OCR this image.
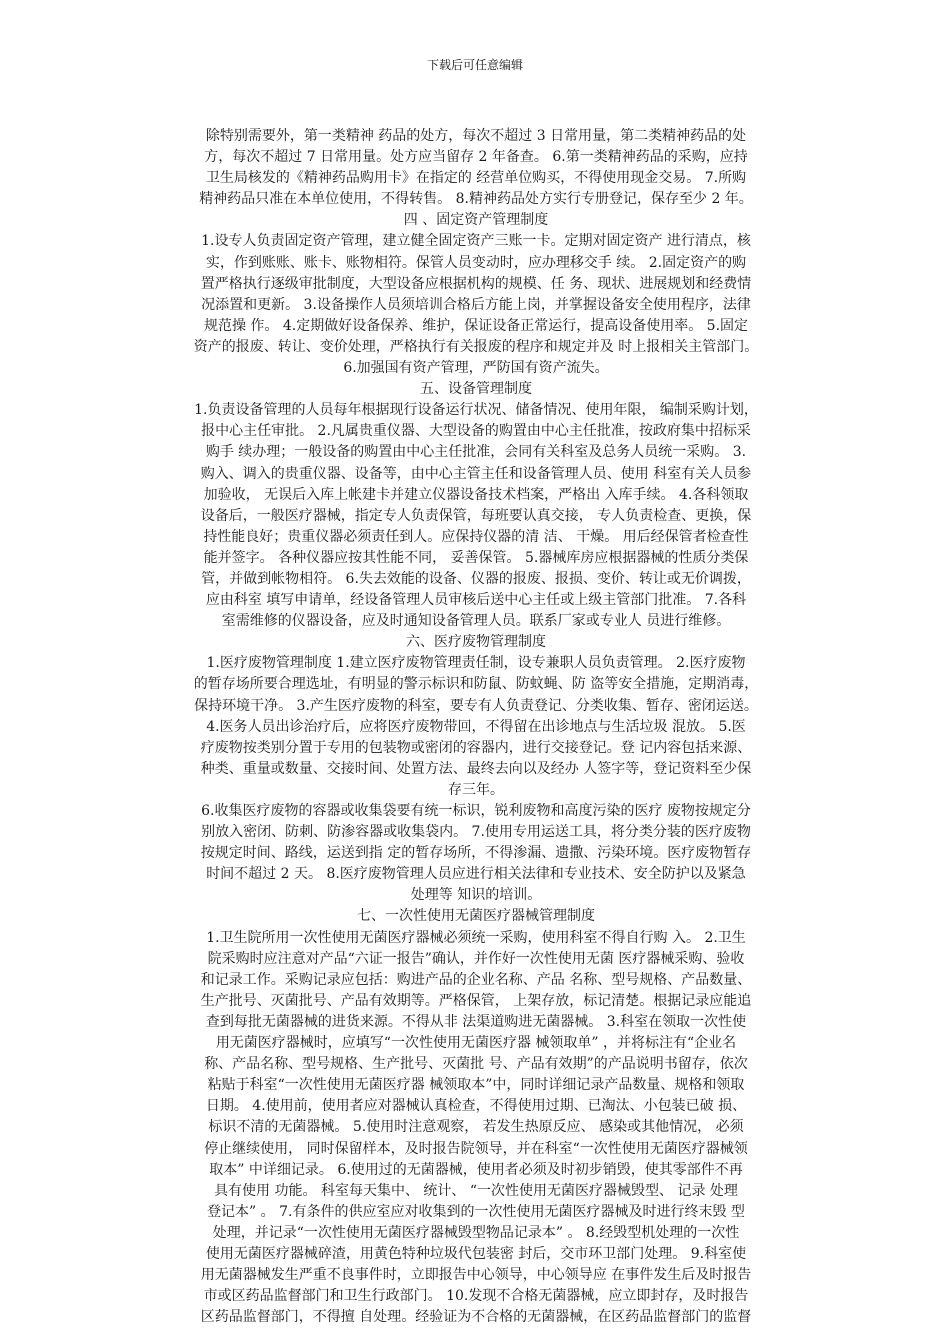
下载后可任意编辑
除特别需要外，第一类精神 药品的处方，每次不超过 3 日常用量，第二类精神药品的处
方，每次不超过 7 日常用量。处方应当留存 2 年备查。 6.第一类精神药品的采购，应持
卫生局核发的《精神药品购用卡》在指定的 经营单位购买，不得使用现金交易。 7.所购
精神药品只准在本单位使用，不得转售。 8.精神药品处方实行专册登记，保存至少 2 年。
四 、固定资产管理制度
1.设专人负责固定资产管理，建立健全固定资产三账一卡。定期对固定资产 进行清点，核
实，作到账账、账卡、账物相符。保管人员变动时，应办理移交手 续。 2.固定资产的购
置严格执行逐级审批制度，大型设备应根据机构的规模、任 务、现状、进展规划和经费情
况添置和更新。 3.设备操作人员须培训合格后方能上岗，并掌握设备安全使用程序，法律
规范操 作。 4.定期做好设备保养、维护，保证设备正常运行，提高设备使用率。 5.固定
资产的报废、转让、变价处理，严格执行有关报废的程序和规定并及 时上报相关主管部门。
6.加强国有资产管理，严防国有资产流失。
五、设备管理制度
1.负责设备管理的人员每年根据现行设备运行状况、储备情况、使用年限， 编制采购计划，
报中心主任审批。 2.凡属贵重仪器、大型设备的购置由中心主任批准，按政府集中招标采
购手 续办理；一般设备的购置由中心主任批准，会同有关科室及总务人员统一采购。 3.
购入、调入的贵重仪器、设备等，由中心主管主任和设备管理人员、使用 科室有关人员参
加验收， 无误后入库上帐建卡并建立仪器设备技术档案，严格出 入库手续。 4.各科领取
设备后，一般医疗器械，指定专人负责保管，每班要认真交接， 专人负责检查、更换，保
持性能良好；贵重仪器必须责任到人。应保持仪器的清 洁、 干燥。 用后经保管者检查性
能并签字。 各种仪器应按其性能不同， 妥善保管。 5.器械库房应根据器械的性质分类保
管，并做到帐物相符。 6.失去效能的设备、仪器的报废、报损、变价、转让或无价调拨，
应由科室 填写申请单，经设备管理人员审核后送中心主任或上级主管部门批准。 7.各科
室需维修的仪器设备，应及时通知设备管理人员。联系厂家或专业人 员进行维修。
六、医疗废物管理制度
1.医疗废物管理制度 1.建立医疗废物管理责任制，设专兼职人员负责管理。 2.医疗废物
的暂存场所要合理选址，有明显的警示标识和防鼠、防蚊蝇、防 盗等安全措施，定期消毒，
保持环境干净。 3.产生医疗废物的科室，要专有人负责登记、分类收集、暂存、密闭运送。
4.医务人员出诊治疗后，应将医疗废物带回，不得留在出诊地点与生活垃圾 混放。 5.医
疗废物按类别分置于专用的包装物或密闭的容器内，进行交接登记。登 记内容包括来源、
种类、重量或数量、交接时间、处置方法、最终去向以及经办 人签字等，登记资料至少保
存三年。
6.收集医疗废物的容器或收集袋要有统一标识，锐利废物和高度污染的医疗 废物按规定分
别放入密闭、防刺、防渗容器或收集袋内。 7.使用专用运送工具，将分类分装的医疗废物
按规定时间、路线，运送到指 定的暂存场所，不得渗漏、遗撒、污染环境。医疗废物暂存
时间不超过 2 天。 8.医疗废物管理人员应进行相关法律和专业技术、安全防护以及紧急
处理等 知识的培训。
七、一次性使用无菌医疗器械管理制度
1.卫生院所用一次性使用无菌医疗器械必须统一采购，使用科室不得自行购 入。 2.卫生
院采购时应注意对产品“六证一报告”确认，并作好一次性使用无菌 医疗器械采购、验收
和记录工作。采购记录应包括：购进产品的企业名称、产品 名称、型号规格、产品数量、
生产批号、灭菌批号、产品有效期等。严格保管， 上架存放，标记清楚。根据记录应能追
查到每批无菌器械的进货来源。不得从非 法渠道购进无菌器械。 3.科室在领取一次性使
用无菌医疗器械时，应填写“一次性使用无菌医疗器 械领取单” ，并将标注有“企业名
称、产品名称、型号规格、生产批号、灭菌批 号、产品有效期”的产品说明书留存，依次
粘贴于科室“一次性使用无菌医疗器 械领取本”中，同时详细记录产品数量、规格和领取
日期。 4.使用前，使用者应对器械认真检查，不得使用过期、已淘汰、小包装已破 损、
标识不清的无菌器械。 5.使用时注意观察， 若发生热原反应、 感染或其他情况， 必须
停止继续使用， 同时保留样本，及时报告院领导，并在科室“一次性使用无菌医疗器械领
取本” 中详细记录。 6.使用过的无菌器械，使用者必须及时初步销毁，使其零部件不再
具有使用 功能。 科室每天集中、 统计、 “一次性使用无菌医疗器械毁型、 记录 处理
登记本” 。 7.有条件的供应室应对收集到的一次性使用无菌医疗器械及时进行终末毁 型
处理，并记录“一次性使用无菌医疗器械毁型物品记录本” 。 8.经毁型机处理的一次性
使用无菌医疗器械碎渣，用黄色特种垃圾代包装密 封后，交市环卫部门处理。 9.科室使
用无菌器械发生严重不良事件时，立即报告中心领导，中心领导应 在事件发生后及时报告
市或区药品监督部门和卫生行政部门。 10.发现不合格无菌器械，应立即封存，及时报告
区药品监督部门，不得擅 自处理。经验证为不合格的无菌器械，在区药品监督部门的监督
